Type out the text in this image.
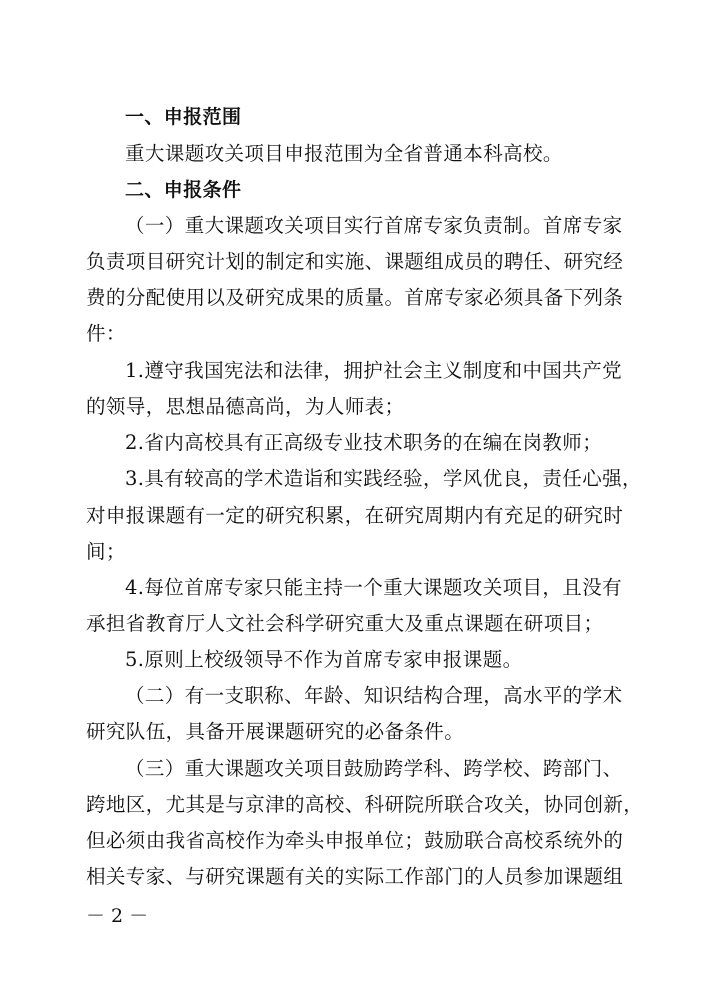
一、申报范围
重大课题攻关项目申报范围为全省普通本科高校。
二、申报条件
（一）重大课题攻关项目实行首席专家负责制。首席专家
负责项目研究计划的制定和实施、课题组成员的聘任、研究经
费的分配使用以及研究成果的质量。首席专家必须具备下列条
件：
1.遵守我国宪法和法律，拥护社会主义制度和中国共产党
的领导，思想品德高尚，为人师表；
2.省内高校具有正高级专业技术职务的在编在岗教师；
3.具有较高的学术造诣和实践经验，学风优良，责任心强，
对申报课题有一定的研究积累，在研究周期内有充足的研究时
间；
4.每位首席专家只能主持一个重大课题攻关项目，且没有
承担省教育厅人文社会科学研究重大及重点课题在研项目；
5.原则上校级领导不作为首席专家申报课题。
（二）有一支职称、年龄、知识结构合理，高水平的学术
研究队伍，具备开展课题研究的必备条件。
（三）重大课题攻关项目鼓励跨学科、跨学校、跨部门、
跨地区，尤其是与京津的高校、科研院所联合攻关，协同创新，
但必须由我省高校作为牵头申报单位；鼓励联合高校系统外的
相关专家、与研究课题有关的实际工作部门的人员参加课题组
－ 2 －
